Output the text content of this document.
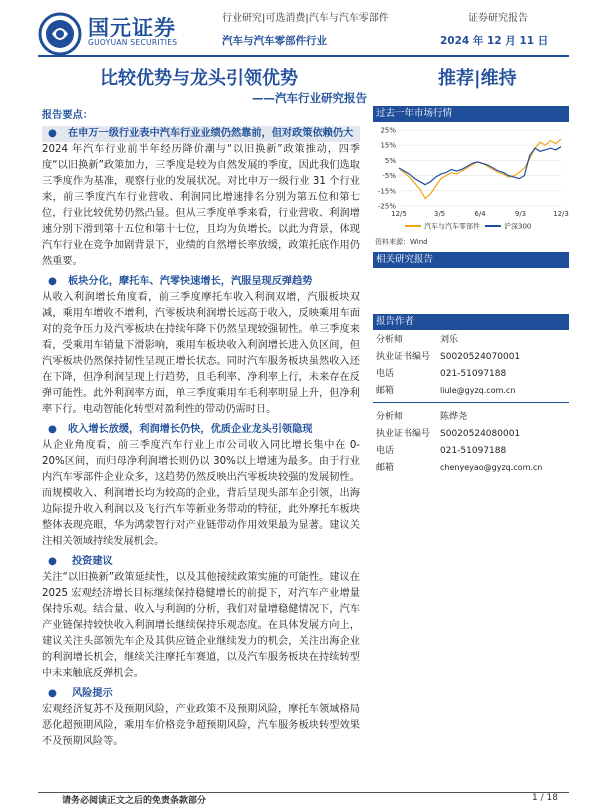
国元证券
GUOYUAN SECURITIES
行业研究|可选消费|汽车与汽车零部件	证券研究报告
汽车与汽车零部件行业	2024 年 12 月 11 日
比较优势与龙头引领优势	推荐|维持
——汽车行业研究报告
报告要点：
● 在申万一级行业表中汽车行业业绩仍然靠前，但对政策依赖仍大

2024 年汽车行业前半年经历降价潮与“以旧换新”政策推动，四季度“以旧换新”政策加力，三季度是较为自然发展的季度，因此我们选取三季度作为基准，观察行业的发展状况。对比申万一级行业 31 个行业来，前三季度汽车行业营收、利润同比增速排名分别为第五位和第七位，行业比较优势仍然凸显。但从三季度单季来看，行业营收、利润增速分别下滑到第十五位和第十七位，且均为负增长。以此为背景，体现汽车行业在竞争加剧背景下，业绩的自然增长率放缓，政策托底作用仍然重要。

● 板块分化，摩托车、汽零快速增长，汽服呈现反弹趋势

从收入利润增长角度看，前三季度摩托车收入利润双增，汽服板块双减，乘用车增收不增利，汽零板块利润增长远高于收入，反映乘用车面对的竞争压力及汽零板块在持续年降下仍然呈现较强韧性。单三季度来看，受乘用车销量下滑影响，乘用车板块收入利润增长进入负区间，但汽零板块仍然保持韧性呈现正增长状态。同时汽车服务板块虽然收入还在下降，但净利润呈现上行趋势，且毛利率、净利率上行，未来存在反弹可能性。此外利润率方面，单三季度乘用车毛利率明显上升，但净利率下行。电动智能化转型对盈利性的带动仍需时日。

● 收入增长放缓，利润增长仍快，优质企业龙头引领隐现

从企业角度看，前三季度汽车行业上市公司收入同比增长集中在 0-20%区间，而归母净利润增长则仍以 30%以上增速为最多。由于行业内汽车零部件企业众多，这趋势仍然反映出汽零板块较强的发展韧性。而规模收入、利润增长均为较高的企业，背后呈现头部车企引领，出海边际提升收入利润以及飞行汽车等新业务带动的特征，此外摩托车板块整体表现亮眼，华为鸿蒙智行对产业链带动作用效果最为显著。建议关注相关领域持续发展机会。

● 投资建议

关注“以旧换新”政策延续性，以及其他接续政策实施的可能性。建议在 2025 宏观经济增长目标继续保持稳健增长的前提下，对汽车产业增量保持乐观。结合量、收入与利润的分析，我们对量增稳健情况下，汽车产业链保持较快收入利润增长继续保持乐观态度。在具体发展方向上，建议关注头部领先车企及其供应链企业继续发力的机会，关注出海企业的利润增长机会，继续关注摩托车赛道，以及汽车服务板块在持续转型中未来触底反弹机会。

● 风险提示

宏观经济复苏不及预期风险，产业政策不及预期风险，摩托车领域格局恶化超预期风险，乘用车价格竞争超预期风险，汽车服务板块转型效果不及预期风险等。

过去一年市场行情
25%
15%
5%
-5%
-15%
-25%
12/5	3/5	6/4	9/3	12/3
汽车与汽车零部件	沪深300
资料来源：Wind
相关研究报告
报告作者
分析师	刘乐
执业证书编号 S0020524070001
电话	021-51097188
邮箱	liule@gyzq.com.cn
分析师	陈烨尧
执业证书编号 S0020524080001
电话	021-51097188
邮箱	chenyeyao@gyzq.com.cn
请务必阅读正文之后的免责条款部分	1 / 18
